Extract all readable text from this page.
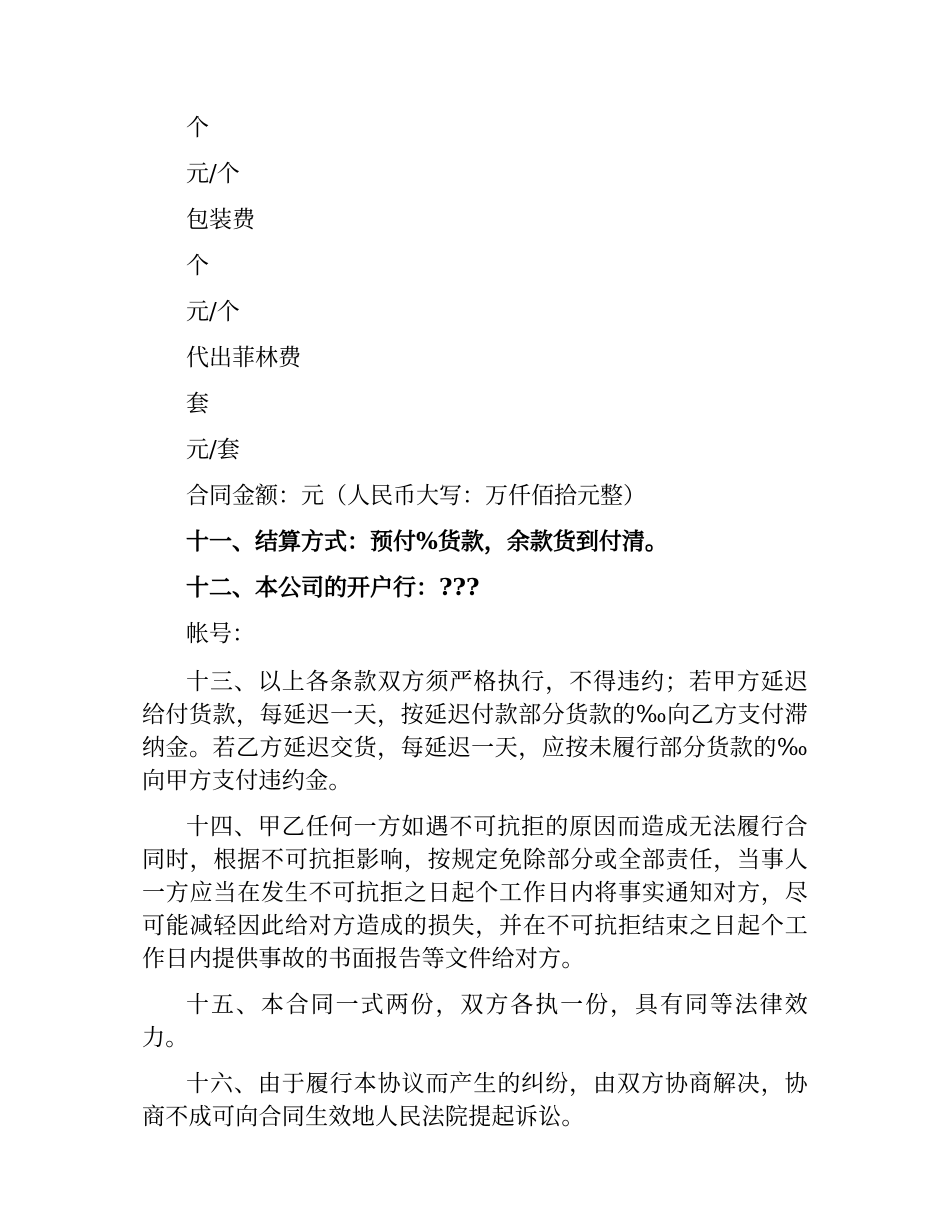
个
元/个
包装费
个
元/个
代出菲林费
套
元/套
合同金额：元（人民币大写：万仟佰拾元整）
十一、结算方式：预付%货款，余款货到付清。
十二、本公司的开户行：???
帐号：

十三、以上各条款双方须严格执行，不得违约；若甲方延迟给付货款，每延迟一天，按延迟付款部分货款的‰向乙方支付滞纳金。若乙方延迟交货，每延迟一天，应按未履行部分货款的‰向甲方支付违约金。

十四、甲乙任何一方如遇不可抗拒的原因而造成无法履行合同时，根据不可抗拒影响，按规定免除部分或全部责任，当事人一方应当在发生不可抗拒之日起个工作日内将事实通知对方，尽可能减轻因此给对方造成的损失，并在不可抗拒结束之日起个工作日内提供事故的书面报告等文件给对方。

十五、本合同一式两份，双方各执一份，具有同等法律效力。

十六、由于履行本协议而产生的纠纷，由双方协商解决，协商不成可向合同生效地人民法院提起诉讼。
